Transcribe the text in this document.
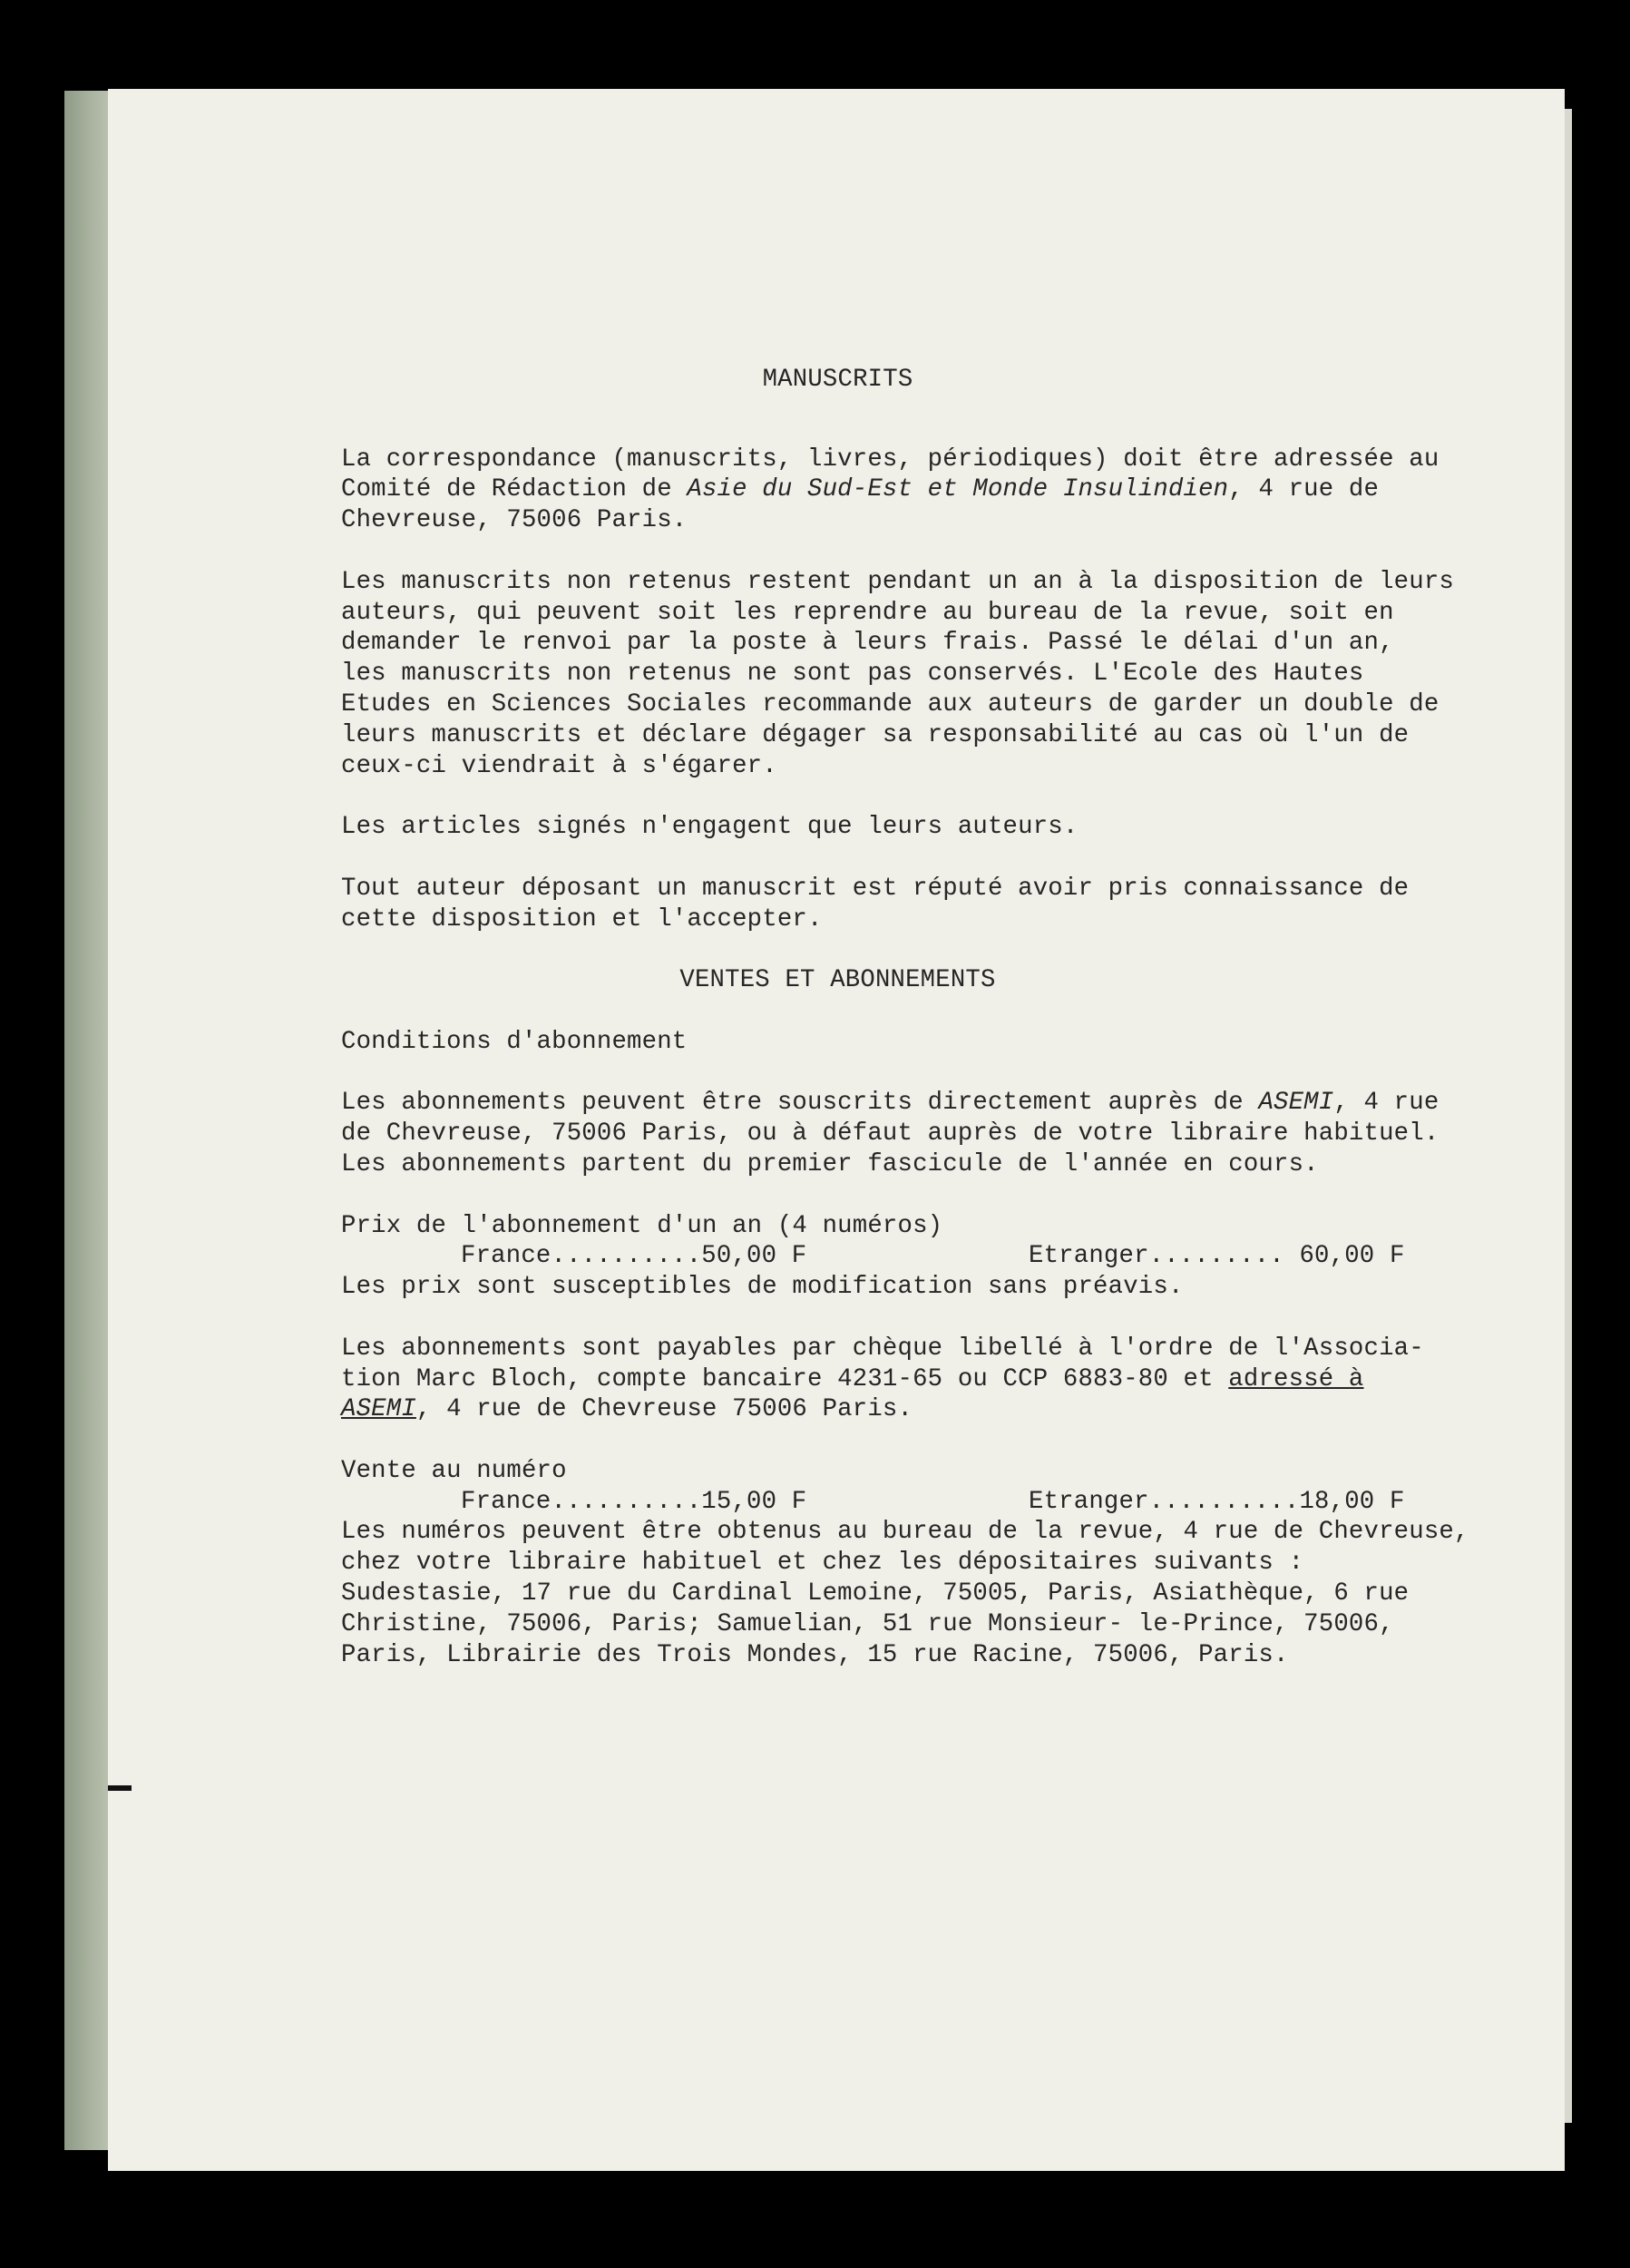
MANUSCRITS

La correspondance (manuscrits, livres, périodiques) doit être adressée au
Comité de Rédaction de Asie du Sud-Est et Monde Insulindien, 4 rue de
Chevreuse, 75006 Paris.

Les manuscrits non retenus restent pendant un an à la disposition de leurs
auteurs, qui peuvent soit les reprendre au bureau de la revue, soit en
demander le renvoi par la poste à leurs frais. Passé le délai d'un an,
les manuscrits non retenus ne sont pas conservés. L'Ecole des Hautes
Etudes en Sciences Sociales recommande aux auteurs de garder un double de
leurs manuscrits et déclare dégager sa responsabilité au cas où l'un de
ceux-ci viendrait à s'égarer.

Les articles signés n'engagent que leurs auteurs.

Tout auteur déposant un manuscrit est réputé avoir pris connaissance de
cette disposition et l'accepter.

VENTES ET ABONNEMENTS

Conditions d'abonnement

Les abonnements peuvent être souscrits directement auprès de ASEMI, 4 rue
de Chevreuse, 75006 Paris, ou à défaut auprès de votre libraire habituel.
Les abonnements partent du premier fascicule de l'année en cours.

Prix de l'abonnement d'un an (4 numéros)

France..........50,00 F	Etranger......... 60,00 F

Les prix sont susceptibles de modification sans préavis.

Les abonnements sont payables par chèque libellé à l'ordre de l'Associa-
tion Marc Bloch, compte bancaire 4231-65 ou CCP 6883-80 et adressé à
ASEMI, 4 rue de Chevreuse 75006 Paris.

Vente au numéro

France..........15,00 F	Etranger..........18,00 F

Les numéros peuvent être obtenus au bureau de la revue, 4 rue de Chevreuse,
chez votre libraire habituel et chez les dépositaires suivants :
Sudestasie, 17 rue du Cardinal Lemoine, 75005, Paris, Asiathèque, 6 rue
Christine, 75006, Paris; Samuelian, 51 rue Monsieur- le-Prince, 75006,
Paris, Librairie des Trois Mondes, 15 rue Racine, 75006, Paris.
